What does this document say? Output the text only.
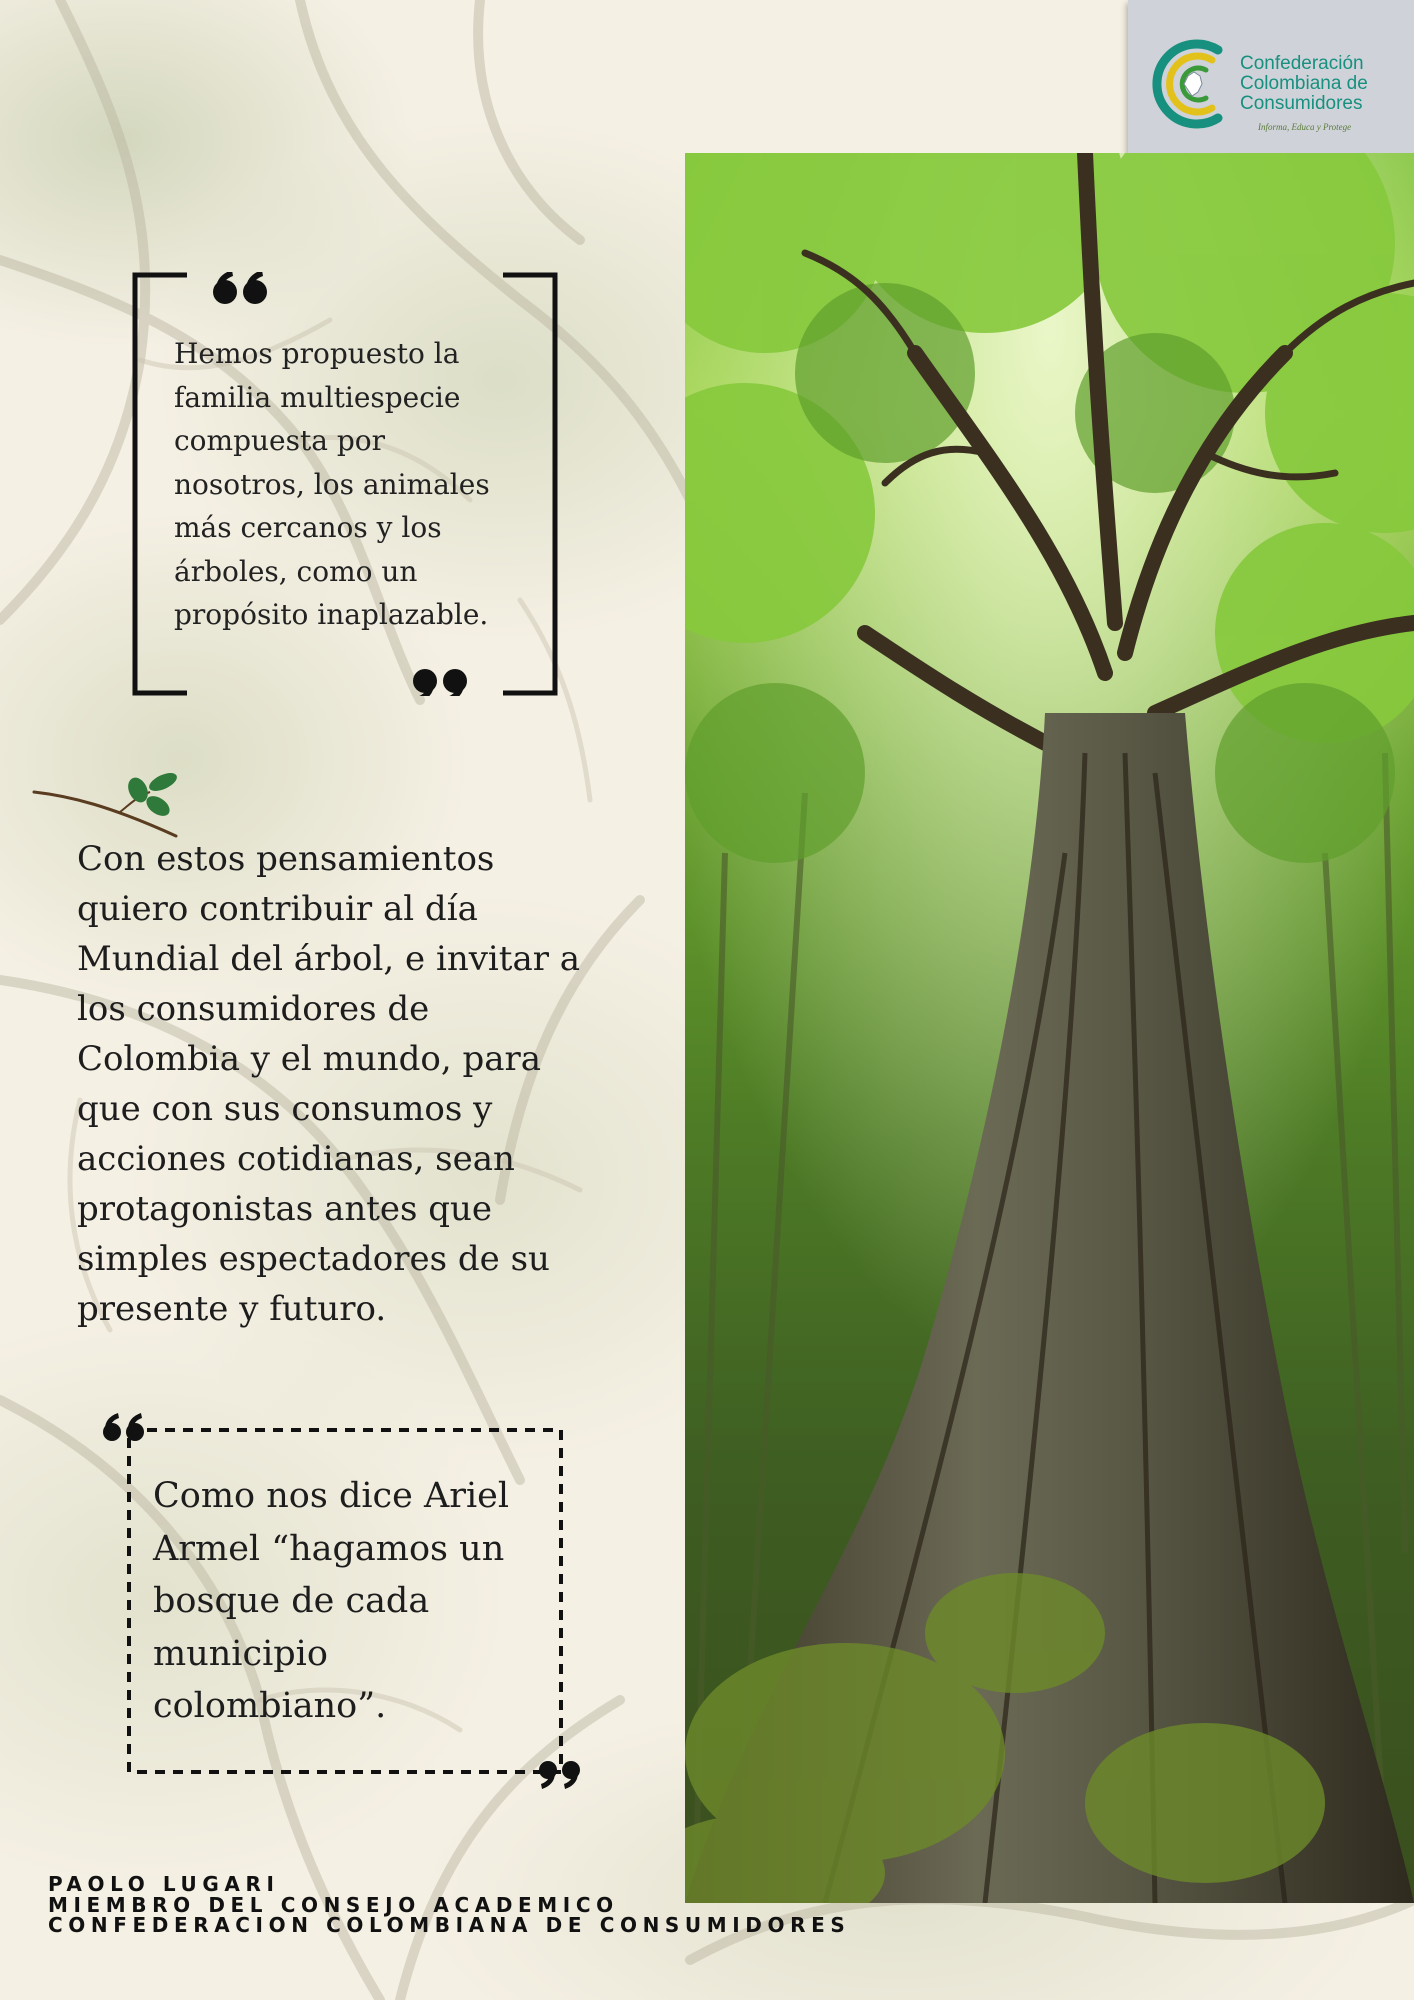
Confederación
Colombiana de
Consumidores
Informa, Educa y Protege
Hemos propuesto la
familia multiespecie
compuesta por
nosotros, los animales
más cercanos y los
árboles, como un
propósito inaplazable.
Con estos pensamientos
quiero contribuir al día
Mundial del árbol, e invitar a
los consumidores de
Colombia y el mundo, para
que con sus consumos y
acciones cotidianas, sean
protagonistas antes que
simples espectadores de su
presente y futuro.
Como nos dice Ariel
Armel “hagamos un
bosque de cada
municipio
colombiano”.
PAOLO LUGARI
MIEMBRO DEL CONSEJO ACADEMICO
CONFEDERACION COLOMBIANA DE CONSUMIDORES
